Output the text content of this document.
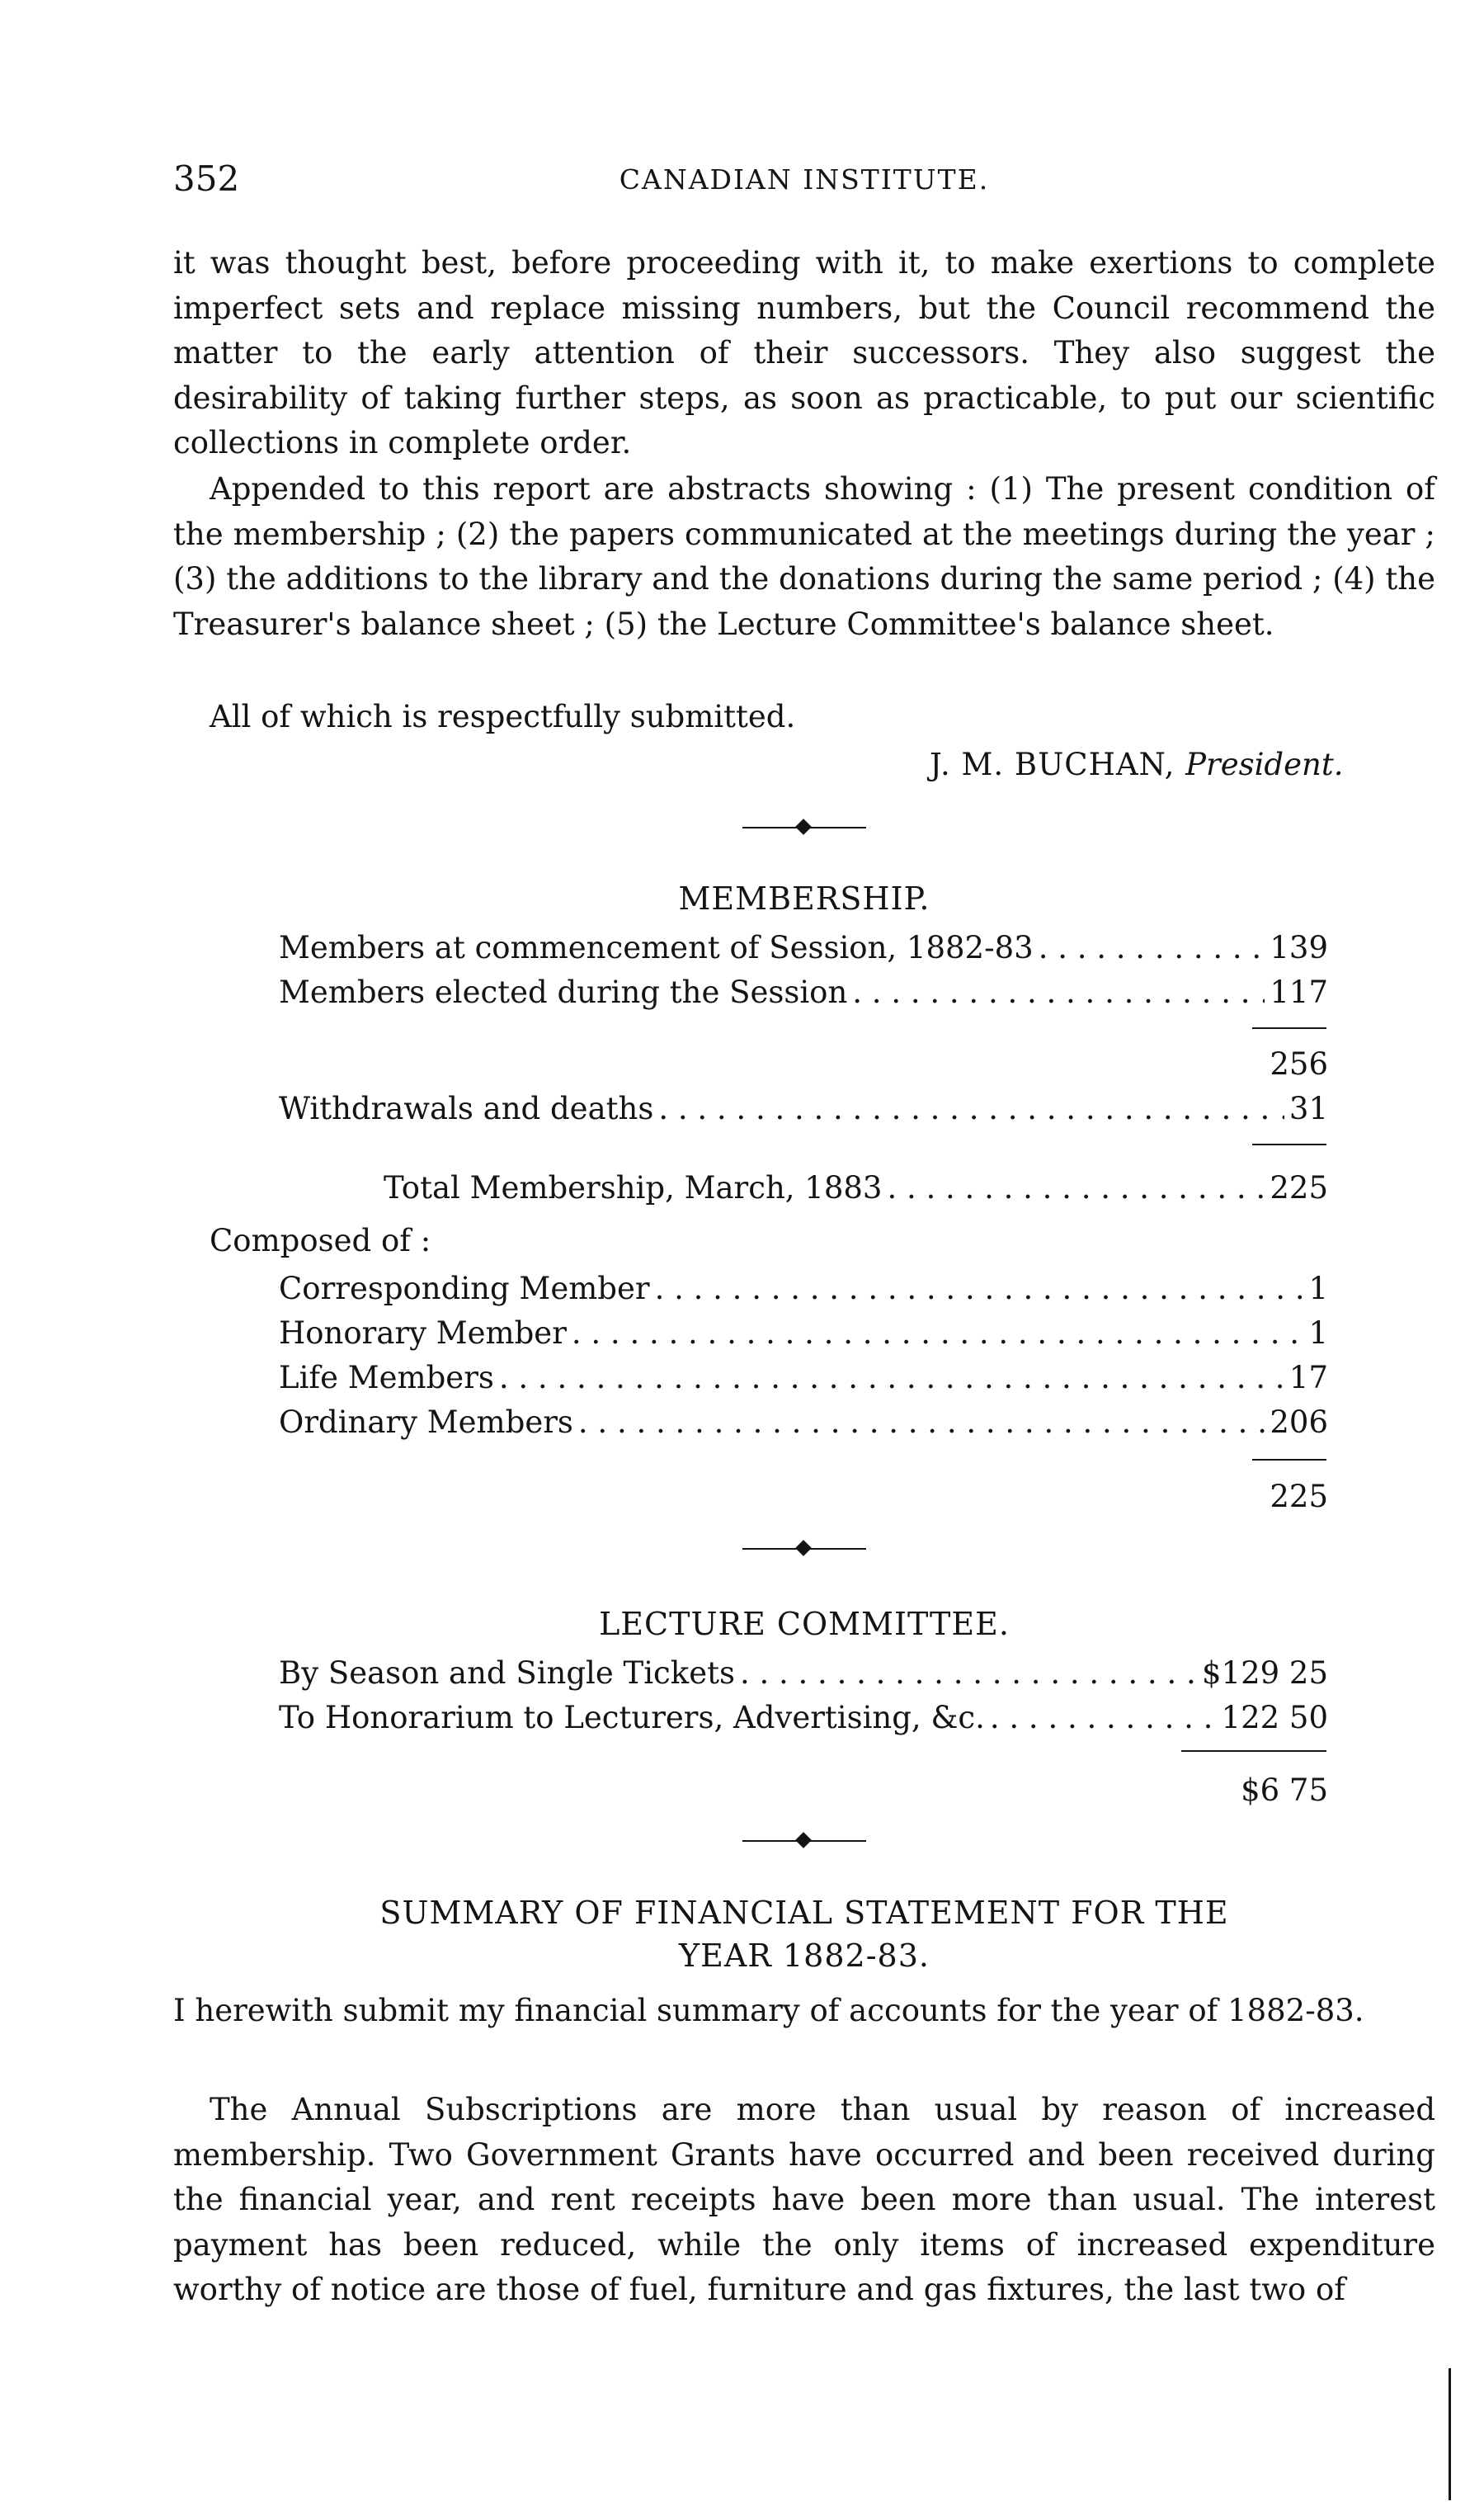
352	CANADIAN INSTITUTE.

it was thought best, before proceeding with it, to make exertions to complete imperfect sets and replace missing numbers, but the Council recommend the matter to the early attention of their successors. They also suggest the desirability of taking further steps, as soon as practicable, to put our scientific collections in complete order.

Appended to this report are abstracts showing : (1) The present condition of the membership ; (2) the papers communicated at the meetings during the year ; (3) the additions to the library and the donations during the same period ; (4) the Treasurer's balance sheet ; (5) the Lecture Committee's balance sheet.

All of which is respectfully submitted.
J. M. BUCHAN, President.
MEMBERSHIP.
Members at commencement of Session, 1882-83 . . .	139
Members elected during the Session . . .	117
256
Withdrawals and deaths . . .	31
Total Membership, March, 1883 . . .	225
Composed of :
Corresponding Member . . .	1
Honorary Member . . .	1
Life Members . . .	17
Ordinary Members . . .	206
225
LECTURE COMMITTEE.
By Season and Single Tickets . . .	$129 25
To Honorarium to Lecturers, Advertising, &c. . . .	122 50
$6 75
SUMMARY OF FINANCIAL STATEMENT FOR THE
YEAR 1882-83.

I herewith submit my financial summary of accounts for the year of 1882-83.

The Annual Subscriptions are more than usual by reason of increased membership. Two Government Grants have occurred and been received during the financial year, and rent receipts have been more than usual. The interest payment has been reduced, while the only items of increased expenditure worthy of notice are those of fuel, furniture and gas fixtures, the last two of
